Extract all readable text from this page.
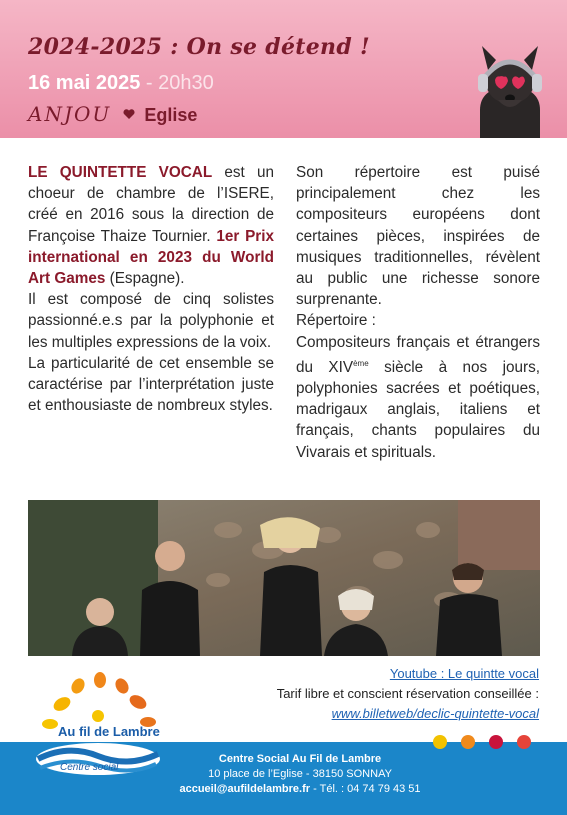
2024-2025 : On se détend !
16 mai 2025 - 20h30
ANJOU Eglise

LE QUINTETTE VOCAL est un choeur de chambre de l’ISERE, créé en 2016 sous la direction de Françoise Thaize Tournier. 1er Prix international en 2023 du World Art Games (Espagne).

Il est composé de cinq solistes passionné.e.s par la polyphonie et les multiples expressions de la voix.

La particularité de cet ensemble se caractérise par l’interprétation juste et enthousiaste de nombreux styles.

Son répertoire est puisé principalement chez les compositeurs européens dont certaines pièces, inspirées de musiques traditionnelles, révèlent au public une richesse sonore surprenante.

Répertoire :

Compositeurs français et étrangers du XIVème siècle à nos jours, polyphonies sacrées et poétiques, madrigaux anglais, italiens et français, chants populaires du Vivarais et spirituals.

Youtube : Le quintte vocal
Tarif libre et conscient réservation conseillée :
www.billetweb/declic-quintette-vocal
Au fil de Lambre
Centre social
Centre Social Au Fil de Lambre
10 place de l’Eglise - 38150 SONNAY
accueil@aufildelambre.fr - Tél. : 04 74 79 43 51
